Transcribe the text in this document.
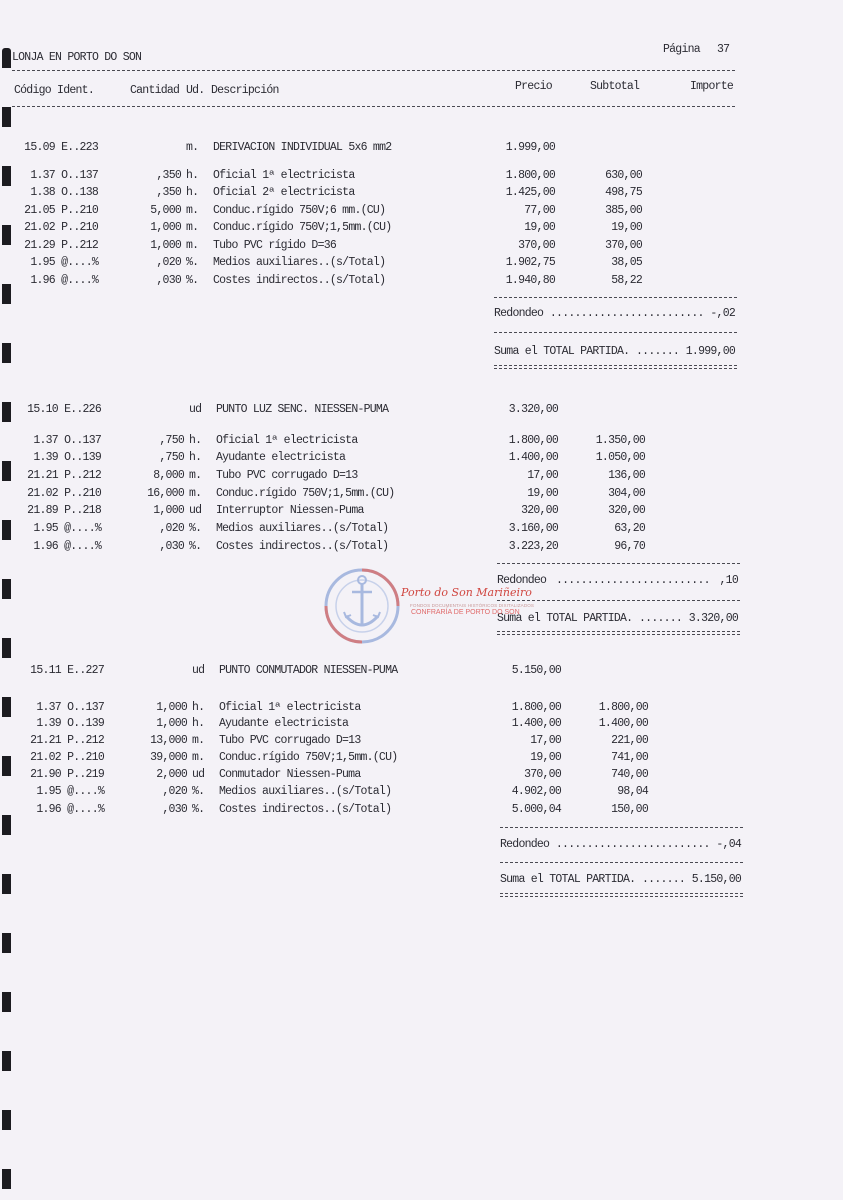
LONJA EN PORTO DO SON
Página 37
Código Ident.	Cantidad Ud. Descripción	Precio	Subtotal	Importe
15.09 E..223	m. DERIVACION INDIVIDUAL 5x6 mm2	1.999,00
1.37 O..137	,350 h. Oficial 1ª electricista	1.800,00	630,00
1.38 O..138	,350 h. Oficial 2ª electricista	1.425,00	498,75
21.05 P..210	5,000 m. Conduc.rígido 750V;6 mm.(CU)	77,00	385,00
21.02 P..210	1,000 m. Conduc.rígido 750V;1,5mm.(CU)	19,00	19,00
21.29 P..212	1,000 m. Tubo PVC rígido D=36	370,00	370,00
1.95 @....%	,020 %. Medios auxiliares..(s/Total)	1.902,75	38,05
1.96 @....%	,030 %. Costes indirectos..(s/Total)	1.940,80	58,22
Redondeo ......................... -,02
Suma el TOTAL PARTIDA. ....... 1.999,00
15.10 E..226	ud PUNTO LUZ SENC. NIESSEN-PUMA	3.320,00
1.37 O..137	,750 h. Oficial 1ª electricista	1.800,00	1.350,00
1.39 O..139	,750 h. Ayudante electricista	1.400,00	1.050,00
21.21 P..212	8,000 m. Tubo PVC corrugado D=13	17,00	136,00
21.02 P..210	16,000 m. Conduc.rígido 750V;1,5mm.(CU)	19,00	304,00
21.89 P..218	1,000 ud Interruptor Niessen-Puma	320,00	320,00
1.95 @....%	,020 %. Medios auxiliares..(s/Total)	3.160,00	63,20
1.96 @....%	,030 %. Costes indirectos..(s/Total)	3.223,20	96,70
Redondeo ......................... ,10
Suma el TOTAL PARTIDA. ....... 3.320,00
15.11 E..227	ud PUNTO CONMUTADOR NIESSEN-PUMA	5.150,00
1.37 O..137	1,000 h. Oficial 1ª electricista	1.800,00	1.800,00
1.39 O..139	1,000 h. Ayudante electricista	1.400,00	1.400,00
21.21 P..212	13,000 m. Tubo PVC corrugado D=13	17,00	221,00
21.02 P..210	39,000 m. Conduc.rígido 750V;1,5mm.(CU)	19,00	741,00
21.90 P..219	2,000 ud Conmutador Niessen-Puma	370,00	740,00
1.95 @....%	,020 %. Medios auxiliares..(s/Total)	4.902,00	98,04
1.96 @....%	,030 %. Costes indirectos..(s/Total)	5.000,04	150,00
Redondeo ......................... -,04
Suma el TOTAL PARTIDA. ....... 5.150,00
Porto do Son Mariñeiro
FONDOS DOCUMENTAIS HISTÓRICOS DIXITALIZADOS
CONFRARÍA DE PORTO DO SON
